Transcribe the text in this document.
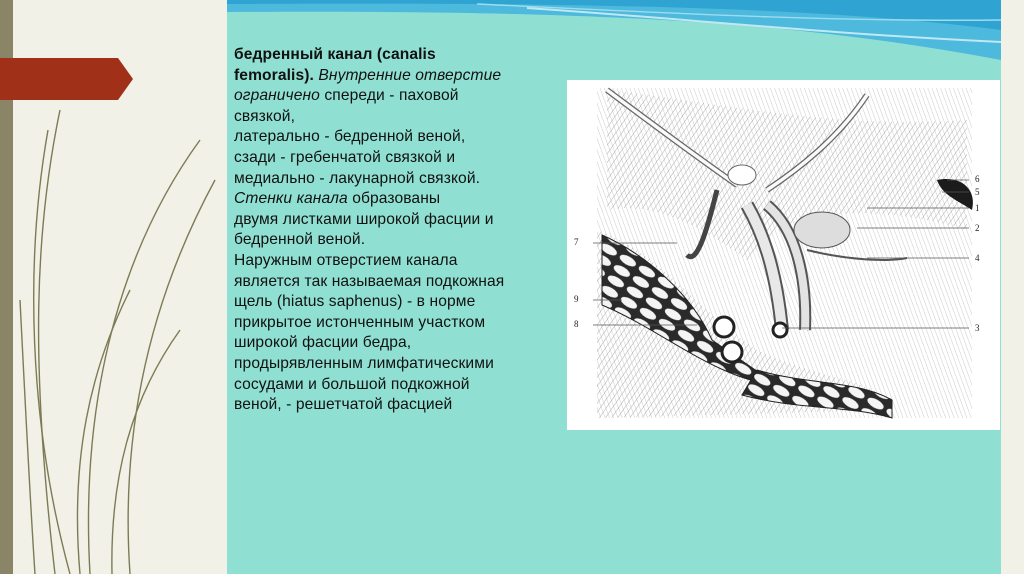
бедренный канал (canalis
femoralis). Внутренние отверстие
ограничено спереди - паховой
связкой,
латерально - бедренной веной,
сзади - гребенчатой связкой и
медиально - лакунарной связкой.
Стенки канала образованы
двумя листками широкой фасции и
бедренной веной.
Наружным отверстием канала
является так называемая подкожная
щель (hiatus saphenus) - в норме
прикрытое истонченным участком
широкой фасции бедра,
продырявленным лимфатическими
сосудами и большой подкожной
веной, - решетчатой фасцией
6
5
1
2
4
3
7
9
8
